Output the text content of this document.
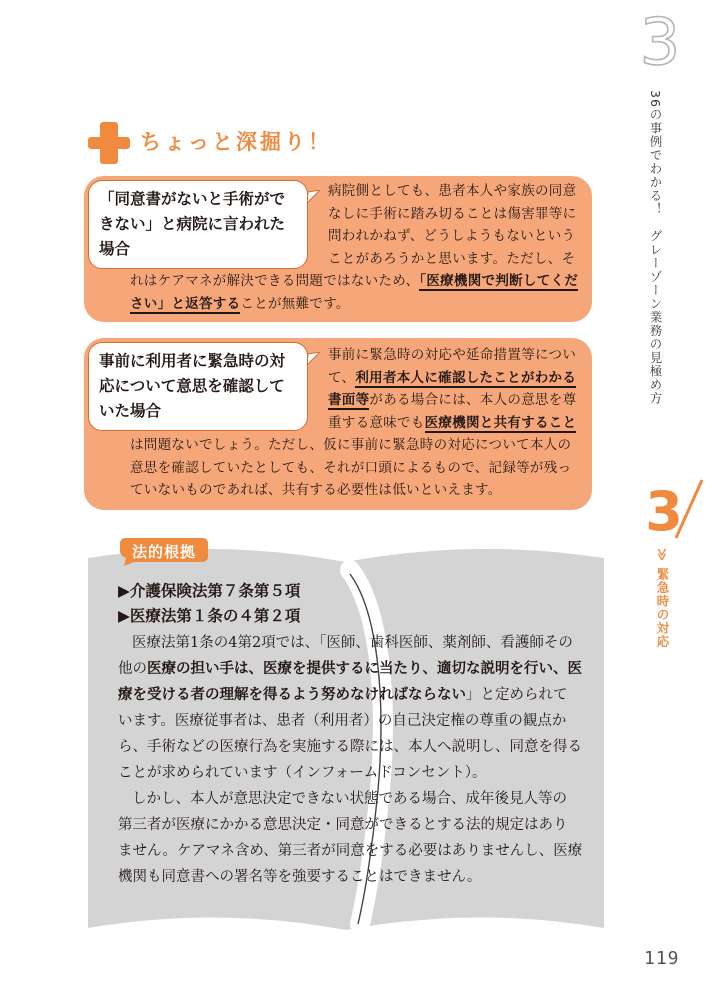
3
36の事例でわかる！　グレーゾーン業務の見極め方
3
≫ 緊急時の対応
119
ちょっと深掘り！
「同意書がないと手術がで
きない」と病院に言われた
場合
病院側としても、患者本人や家族の同意
なしに手術に踏み切ることは傷害罪等に
問われかねず、どうしようもないという
ことがあろうかと思います。ただし、そ
れはケアマネが解決できる問題ではないため、「医療機関で判断してくだ
さい」と返答することが無難です。
事前に利用者に緊急時の対
応について意思を確認して
いた場合
事前に緊急時の対応や延命措置等につい
て、利用者本人に確認したことがわかる
書面等がある場合には、本人の意思を尊
重する意味でも医療機関と共有すること
は問題ないでしょう。ただし、仮に事前に緊急時の対応について本人の
意思を確認していたとしても、それが口頭によるもので、記録等が残っ
ていないものであれば、共有する必要性は低いといえます。
法的根拠
▶介護保険法第７条第５項
▶医療法第１条の４第２項
医療法第1条の4第2項では、「医師、歯科医師、薬剤師、看護師その
他の医療の担い手は、医療を提供するに当たり、適切な説明を行い、医
療を受ける者の理解を得るよう努めなければならない」と定められて
います。医療従事者は、患者（利用者）の自己決定権の尊重の観点か
ら、手術などの医療行為を実施する際には、本人へ説明し、同意を得る
ことが求められています（インフォームドコンセント）。
しかし、本人が意思決定できない状態である場合、成年後見人等の
第三者が医療にかかる意思決定・同意ができるとする法的規定はあり
ません。ケアマネ含め、第三者が同意をする必要はありませんし、医療
機関も同意書への署名等を強要することはできません。
